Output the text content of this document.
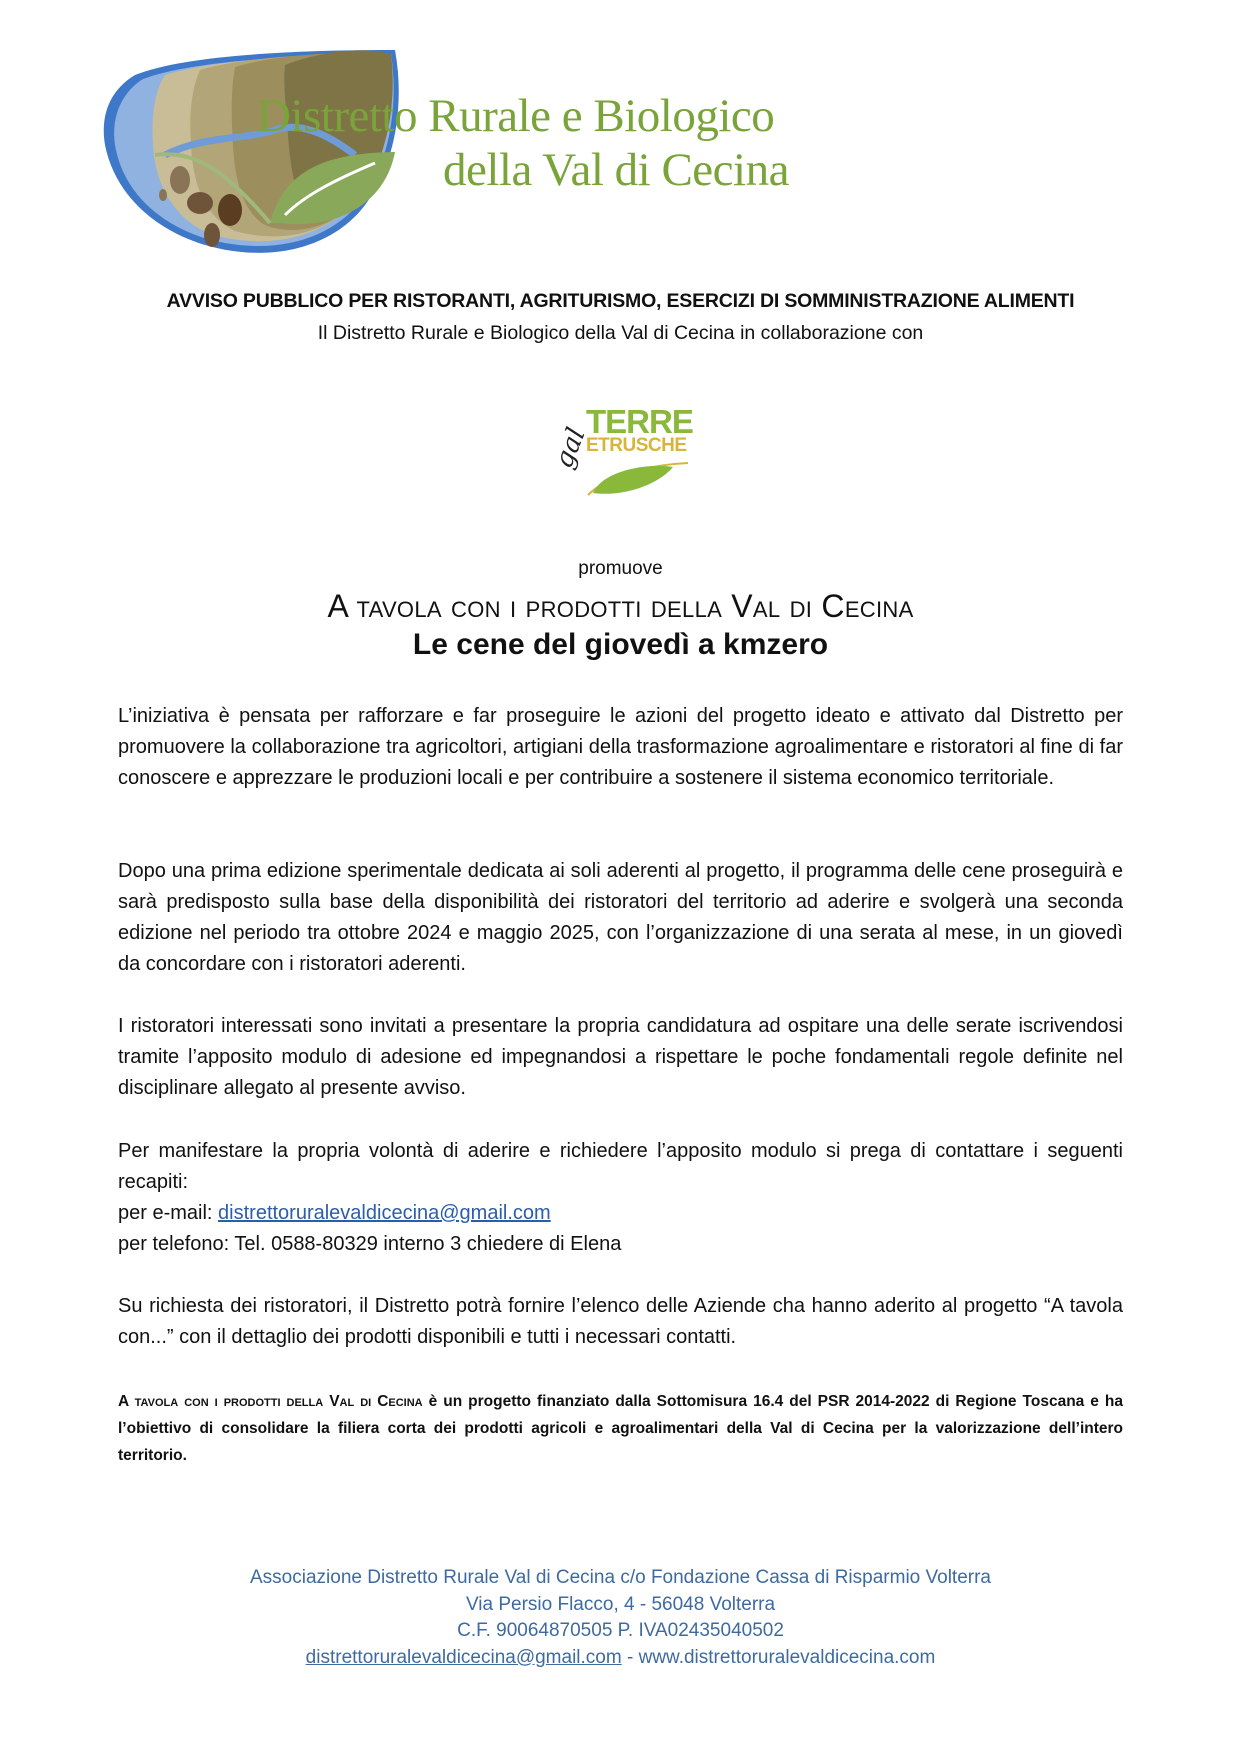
Distretto Rurale e Biologico
della Val di Cecina
AVVISO PUBBLICO PER RISTORANTI, AGRITURISMO, ESERCIZI DI SOMMINISTRAZIONE ALIMENTI
Il Distretto Rurale e Biologico della Val di Cecina in collaborazione con
gal
TERRE
ETRUSCHE
promuove
A tavola con i prodotti della Val di Cecina
Le cene del giovedì a kmzero
L’iniziativa è pensata per rafforzare e far proseguire le azioni del progetto ideato e attivato dal Distretto per promuovere la collaborazione tra agricoltori, artigiani della trasformazione agroalimentare e ristoratori al fine di far conoscere e apprezzare le produzioni locali e per contribuire a sostenere il sistema economico territoriale.
Dopo una prima edizione sperimentale dedicata ai soli aderenti al progetto, il programma delle cene proseguirà e sarà predisposto sulla base della disponibilità dei ristoratori del territorio ad aderire e svolgerà una seconda edizione nel periodo tra ottobre 2024 e maggio 2025, con l’organizzazione di una serata al mese, in un giovedì da concordare con i ristoratori aderenti.
I ristoratori interessati sono invitati a presentare la propria candidatura ad ospitare una delle serate iscrivendosi tramite l’apposito modulo di adesione ed impegnandosi a rispettare le poche fondamentali regole definite nel disciplinare allegato al presente avviso.
Per manifestare la propria volontà di aderire e richiedere l’apposito modulo si prega di contattare i seguenti recapiti:
per e-mail: distrettoruralevaldicecina@gmail.com
per telefono: Tel. 0588-80329 interno 3 chiedere di Elena
Su richiesta dei ristoratori, il Distretto potrà fornire l’elenco delle Aziende cha hanno aderito al progetto “A tavola con...” con il dettaglio dei prodotti disponibili e tutti i necessari contatti.
A tavola con i prodotti della Val di Cecina è un progetto finanziato dalla Sottomisura 16.4 del PSR 2014-2022 di Regione Toscana e ha l’obiettivo di consolidare la filiera corta dei prodotti agricoli e agroalimentari della Val di Cecina per la valorizzazione dell’intero territorio.
Associazione Distretto Rurale Val di Cecina c/o Fondazione Cassa di Risparmio Volterra
Via Persio Flacco, 4 - 56048 Volterra
C.F. 90064870505 P. IVA02435040502
distrettoruralevaldicecina@gmail.com - www.distrettoruralevaldicecina.com
